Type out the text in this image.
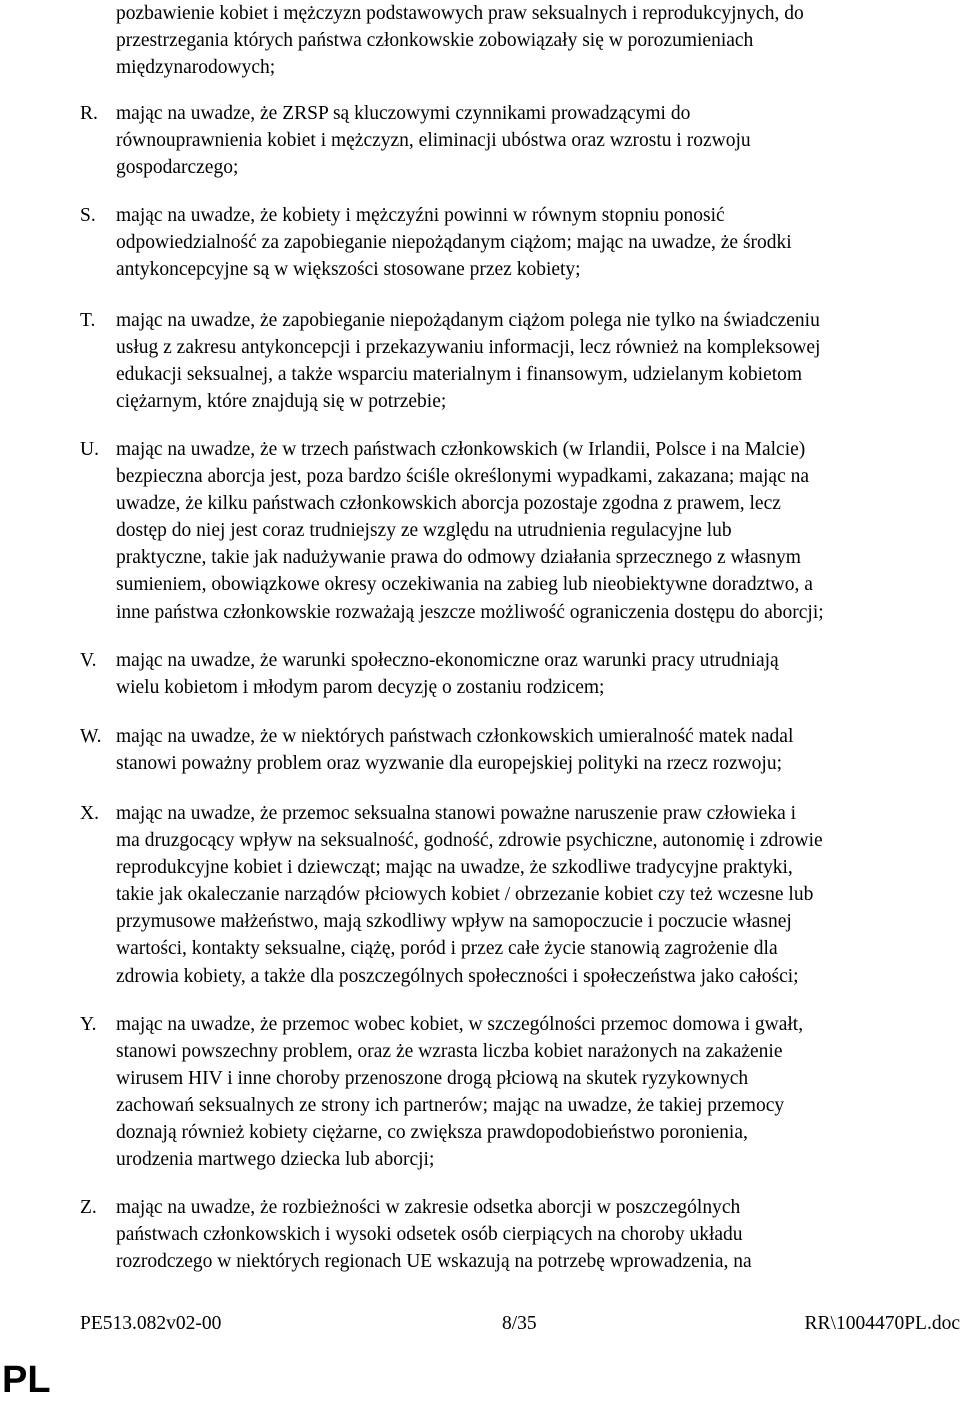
pozbawienie kobiet i mężczyzn podstawowych praw seksualnych i reprodukcyjnych, do
przestrzegania których państwa członkowskie zobowiązały się w porozumieniach
międzynarodowych;
R. mając na uwadze, że ZRSP są kluczowymi czynnikami prowadzącymi do
równouprawnienia kobiet i mężczyzn, eliminacji ubóstwa oraz wzrostu i rozwoju
gospodarczego;
S. mając na uwadze, że kobiety i mężczyźni powinni w równym stopniu ponosić
odpowiedzialność za zapobieganie niepożądanym ciążom; mając na uwadze, że środki
antykoncepcyjne są w większości stosowane przez kobiety;
T. mając na uwadze, że zapobieganie niepożądanym ciążom polega nie tylko na świadczeniu
usług z zakresu antykoncepcji i przekazywaniu informacji, lecz również na kompleksowej
edukacji seksualnej, a także wsparciu materialnym i finansowym, udzielanym kobietom
ciężarnym, które znajdują się w potrzebie;
U. mając na uwadze, że w trzech państwach członkowskich (w Irlandii, Polsce i na Malcie)
bezpieczna aborcja jest, poza bardzo ściśle określonymi wypadkami, zakazana; mając na
uwadze, że kilku państwach członkowskich aborcja pozostaje zgodna z prawem, lecz
dostęp do niej jest coraz trudniejszy ze względu na utrudnienia regulacyjne lub
praktyczne, takie jak nadużywanie prawa do odmowy działania sprzecznego z własnym
sumieniem, obowiązkowe okresy oczekiwania na zabieg lub nieobiektywne doradztwo, a
inne państwa członkowskie rozważają jeszcze możliwość ograniczenia dostępu do aborcji;
V. mając na uwadze, że warunki społeczno-ekonomiczne oraz warunki pracy utrudniają
wielu kobietom i młodym parom decyzję o zostaniu rodzicem;
W. mając na uwadze, że w niektórych państwach członkowskich umieralność matek nadal
stanowi poważny problem oraz wyzwanie dla europejskiej polityki na rzecz rozwoju;
X. mając na uwadze, że przemoc seksualna stanowi poważne naruszenie praw człowieka i
ma druzgocący wpływ na seksualność, godność, zdrowie psychiczne, autonomię i zdrowie
reprodukcyjne kobiet i dziewcząt; mając na uwadze, że szkodliwe tradycyjne praktyki,
takie jak okaleczanie narządów płciowych kobiet / obrzezanie kobiet czy też wczesne lub
przymusowe małżeństwo, mają szkodliwy wpływ na samopoczucie i poczucie własnej
wartości, kontakty seksualne, ciążę, poród i przez całe życie stanowią zagrożenie dla
zdrowia kobiety, a także dla poszczególnych społeczności i społeczeństwa jako całości;
Y. mając na uwadze, że przemoc wobec kobiet, w szczególności przemoc domowa i gwałt,
stanowi powszechny problem, oraz że wzrasta liczba kobiet narażonych na zakażenie
wirusem HIV i inne choroby przenoszone drogą płciową na skutek ryzykownych
zachowań seksualnych ze strony ich partnerów; mając na uwadze, że takiej przemocy
doznają również kobiety ciężarne, co zwiększa prawdopodobieństwo poronienia,
urodzenia martwego dziecka lub aborcji;
Z. mając na uwadze, że rozbieżności w zakresie odsetka aborcji w poszczególnych
państwach członkowskich i wysoki odsetek osób cierpiących na choroby układu
rozrodczego w niektórych regionach UE wskazują na potrzebę wprowadzenia, na
PE513.082v02-00	8/35	RR\1004470PL.doc
PL
